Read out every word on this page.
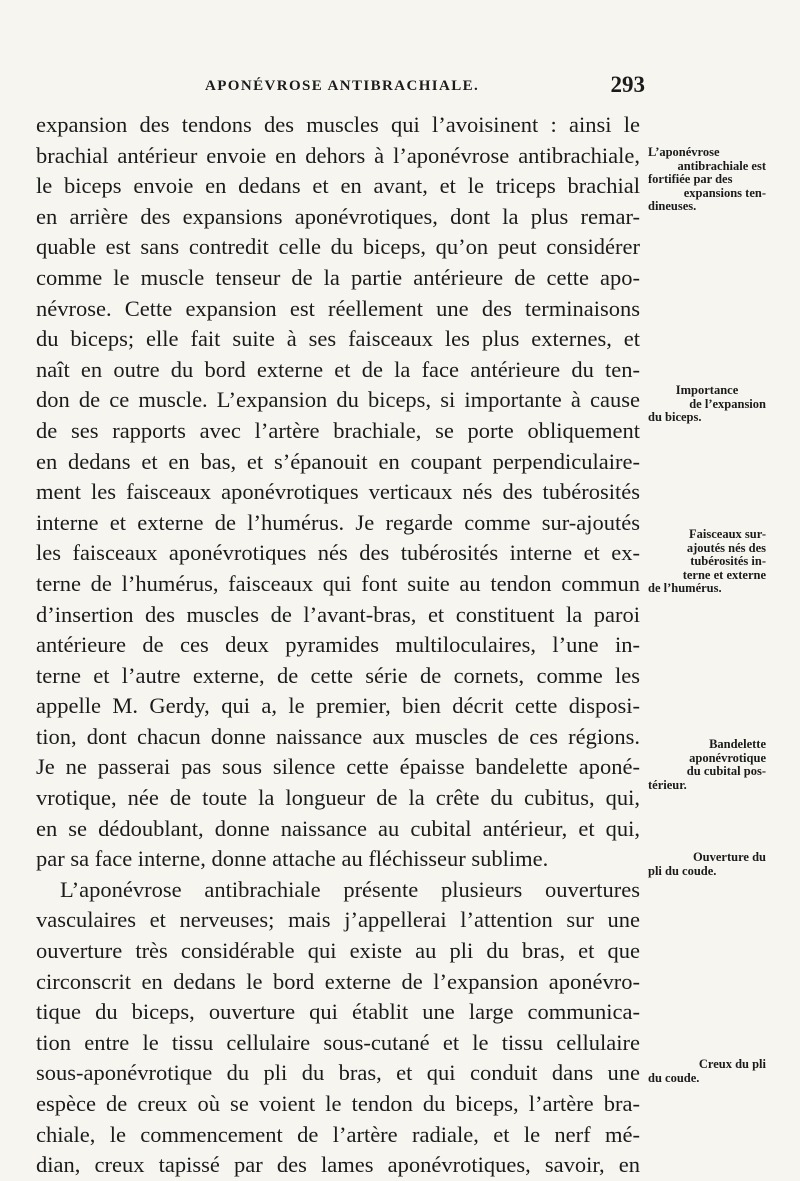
APONÉVROSE ANTIBRACHIALE.	293
expansion des tendons des muscles qui l’avoisinent : ainsi le
brachial antérieur envoie en dehors à l’aponévrose antibrachiale,
le biceps envoie en dedans et en avant, et le triceps brachial
en arrière des expansions aponévrotiques, dont la plus remar-
quable est sans contredit celle du biceps, qu’on peut considérer
comme le muscle tenseur de la partie antérieure de cette apo-
névrose. Cette expansion est réellement une des terminaisons
du biceps; elle fait suite à ses faisceaux les plus externes, et
naît en outre du bord externe et de la face antérieure du ten-
don de ce muscle. L’expansion du biceps, si importante à cause
de ses rapports avec l’artère brachiale, se porte obliquement
en dedans et en bas, et s’épanouit en coupant perpendiculaire-
ment les faisceaux aponévrotiques verticaux nés des tubérosités
interne et externe de l’humérus. Je regarde comme sur-ajoutés
les faisceaux aponévrotiques nés des tubérosités interne et ex-
terne de l’humérus, faisceaux qui font suite au tendon commun
d’insertion des muscles de l’avant-bras, et constituent la paroi
antérieure de ces deux pyramides multiloculaires, l’une in-
terne et l’autre externe, de cette série de cornets, comme les
appelle M. Gerdy, qui a, le premier, bien décrit cette disposi-
tion, dont chacun donne naissance aux muscles de ces régions.
Je ne passerai pas sous silence cette épaisse bandelette aponé-
vrotique, née de toute la longueur de la crête du cubitus, qui,
en se dédoublant, donne naissance au cubital antérieur, et qui,
par sa face interne, donne attache au fléchisseur sublime.
L’aponévrose antibrachiale présente plusieurs ouvertures
vasculaires et nerveuses; mais j’appellerai l’attention sur une
ouverture très considérable qui existe au pli du bras, et que
circonscrit en dedans le bord externe de l’expansion aponévro-
tique du biceps, ouverture qui établit une large communica-
tion entre le tissu cellulaire sous-cutané et le tissu cellulaire
sous-aponévrotique du pli du bras, et qui conduit dans une
espèce de creux où se voient le tendon du biceps, l’artère bra-
chiale, le commencement de l’artère radiale, et le nerf mé-
dian, creux tapissé par des lames aponévrotiques, savoir, en
L’aponévrose
antibrachiale est
fortifiée par des
expansions ten-
dineuses.
Importance
de l’expansion
du biceps.
Faisceaux sur-
ajoutés nés des
tubérosités in-
terne et externe
de l’humérus.
Bandelette
aponévrotique
du cubital pos-
térieur.
Ouverture du
pli du coude.
Creux du pli
du coude.
